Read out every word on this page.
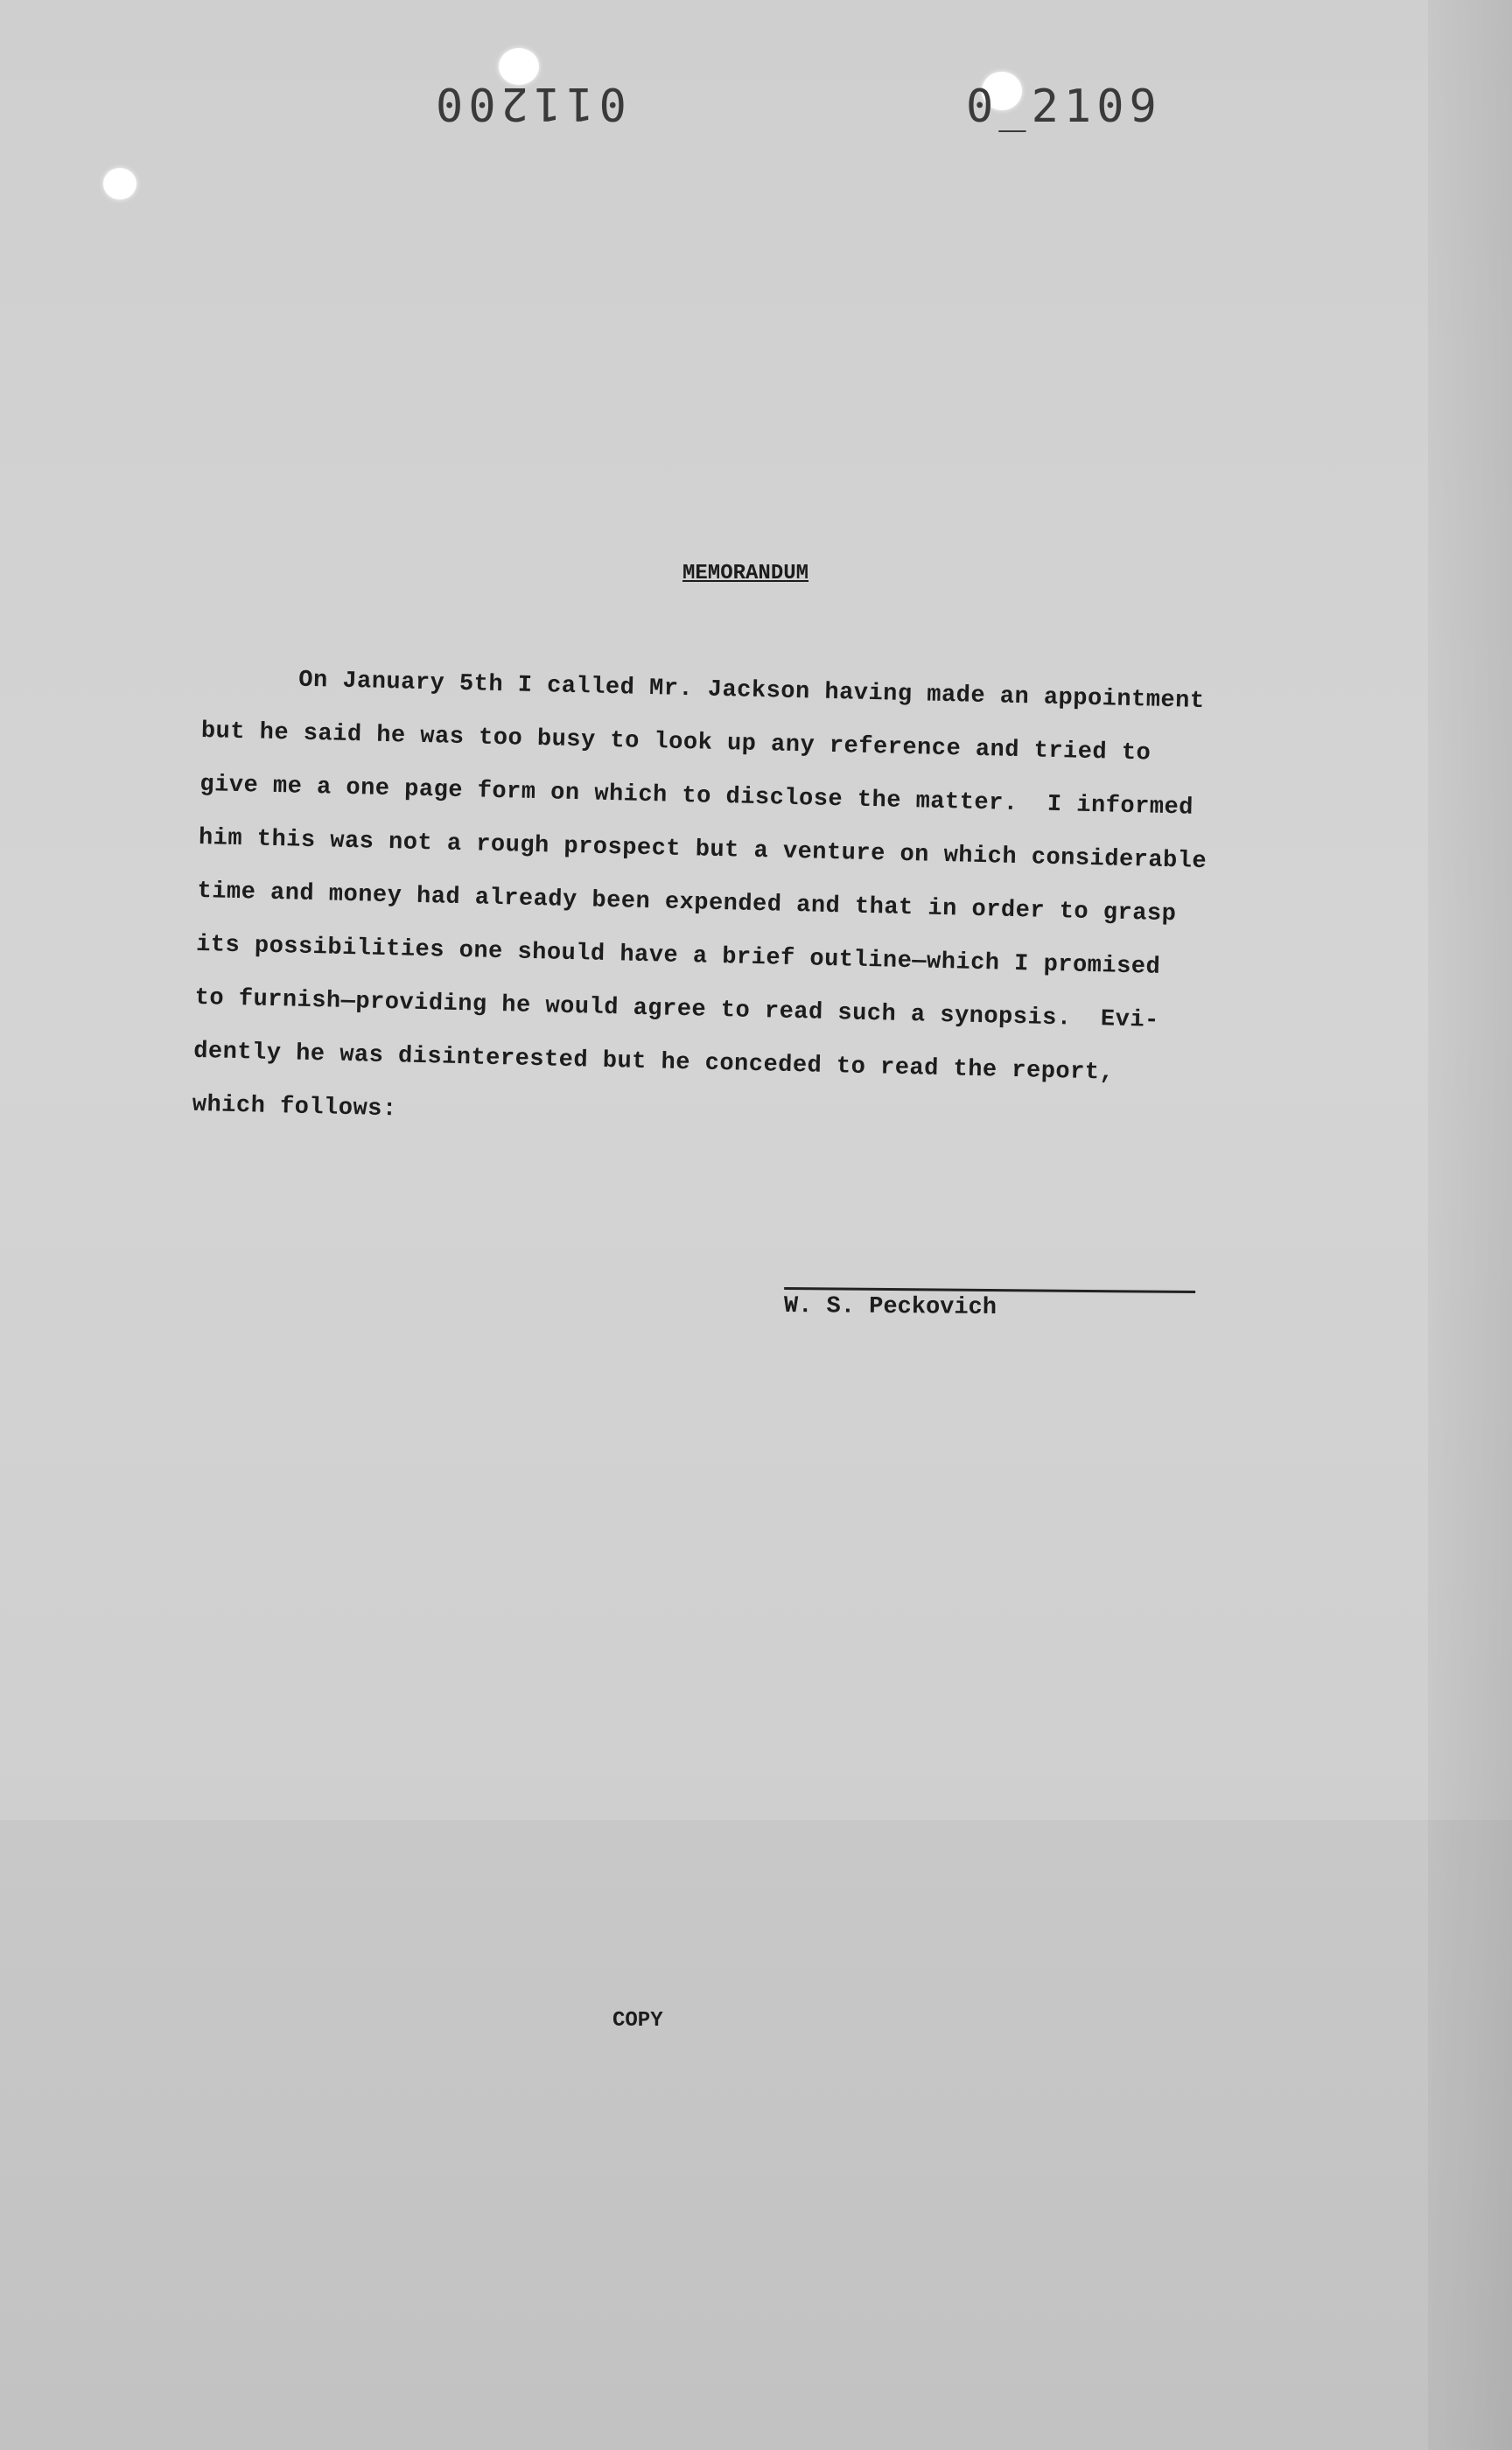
011200	0_2109
MEMORANDUM
On January 5th I called Mr. Jackson having made an appointment
but he said he was too busy to look up any reference and tried to
give me a one page form on which to disclose the matter.  I informed
him this was not a rough prospect but a venture on which considerable
time and money had already been expended and that in order to grasp
its possibilities one should have a brief outline—which I promised
to furnish—providing he would agree to read such a synopsis.  Evi-
dently he was disinterested but he conceded to read the report,
which follows:
W. S. Peckovich
COPY
